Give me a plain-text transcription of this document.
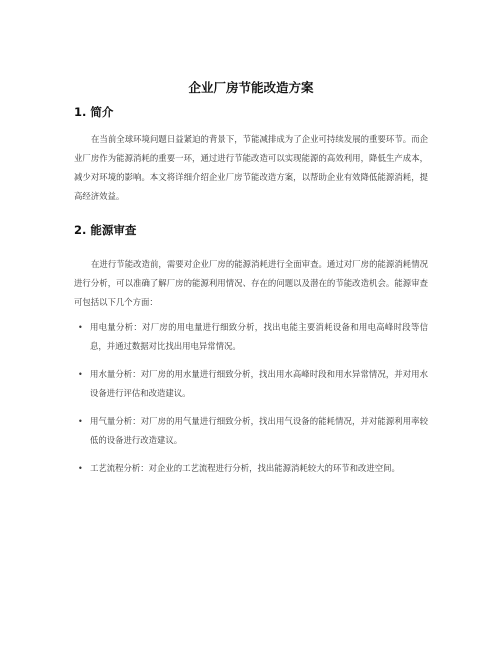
企业厂房节能改造方案
1. 简介

在当前全球环境问题日益紧迫的背景下，节能减排成为了企业可持续发展的重要环节。而企业厂房作为能源消耗的重要一环，通过进行节能改造可以实现能源的高效利用，降低生产成本，减少对环境的影响。本文将详细介绍企业厂房节能改造方案，以帮助企业有效降低能源消耗，提高经济效益。

2. 能源审查

在进行节能改造前，需要对企业厂房的能源消耗进行全面审查。通过对厂房的能源消耗情况进行分析，可以准确了解厂房的能源利用情况、存在的问题以及潜在的节能改造机会。能源审查可包括以下几个方面：

• 用电量分析：对厂房的用电量进行细致分析，找出电能主要消耗设备和用电高峰时段等信息，并通过数据对比找出用电异常情况。
• 用水量分析：对厂房的用水量进行细致分析，找出用水高峰时段和用水异常情况，并对用水设备进行评估和改造建议。
• 用气量分析：对厂房的用气量进行细致分析，找出用气设备的能耗情况，并对能源利用率较低的设备进行改造建议。
• 工艺流程分析：对企业的工艺流程进行分析，找出能源消耗较大的环节和改进空间。
